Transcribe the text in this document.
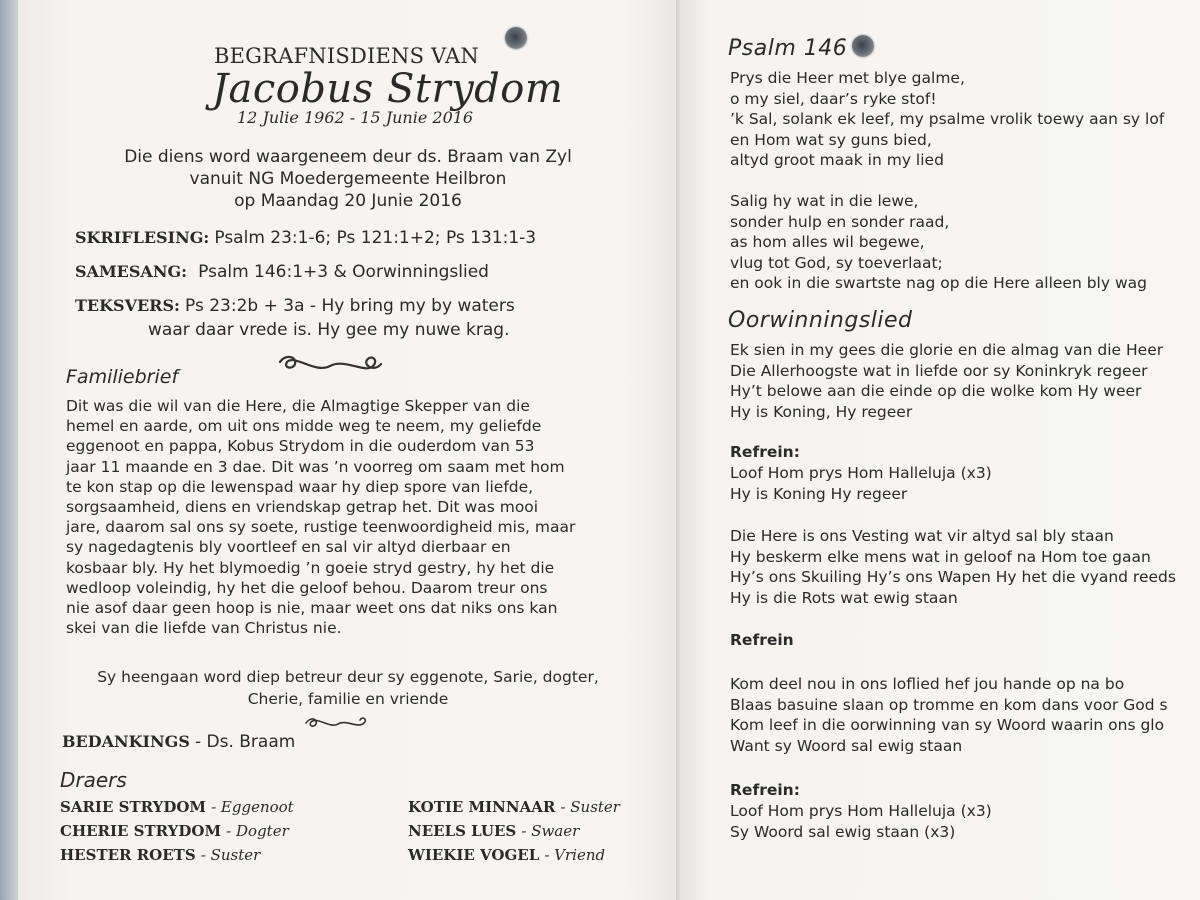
BEGRAFNISDIENS VAN
Jacobus Strydom
12 Julie 1962 - 15 Junie 2016
Die diens word waargeneem deur ds. Braam van Zyl
vanuit NG Moedergemeente Heilbron
op Maandag 20 Junie 2016
SKRIFLESING: Psalm 23:1-6; Ps 121:1+2; Ps 131:1-3
SAMESANG: Psalm 146:1+3 & Oorwinningslied
TEKSVERS: Ps 23:2b + 3a - Hy bring my by waters
waar daar vrede is. Hy gee my nuwe krag.
Familiebrief
Dit was die wil van die Here, die Almagtige Skepper van die
hemel en aarde, om uit ons midde weg te neem, my geliefde
eggenoot en pappa, Kobus Strydom in die ouderdom van 53
jaar 11 maande en 3 dae. Dit was ’n voorreg om saam met hom
te kon stap op die lewenspad waar hy diep spore van liefde,
sorgsaamheid, diens en vriendskap getrap het. Dit was mooi
jare, daarom sal ons sy soete, rustige teenwoordigheid mis, maar
sy nagedagtenis bly voortleef en sal vir altyd dierbaar en
kosbaar bly. Hy het blymoedig ’n goeie stryd gestry, hy het die
wedloop voleindig, hy het die geloof behou. Daarom treur ons
nie asof daar geen hoop is nie, maar weet ons dat niks ons kan
skei van die liefde van Christus nie.
Sy heengaan word diep betreur deur sy eggenote, Sarie, dogter,
Cherie, familie en vriende
BEDANKINGS - Ds. Braam
Draers
SARIE STRYDOM - Eggenoot
CHERIE STRYDOM - Dogter
HESTER ROETS - Suster
KOTIE MINNAAR - Suster
NEELS LUES - Swaer
WIEKIE VOGEL - Vriend
Psalm 146
Prys die Heer met blye galme,
o my siel, daar’s ryke stof!
’k Sal, solank ek leef, my psalme vrolik toewy aan sy lof
en Hom wat sy guns bied,
altyd groot maak in my lied
Salig hy wat in die lewe,
sonder hulp en sonder raad,
as hom alles wil begewe,
vlug tot God, sy toeverlaat;
en ook in die swartste nag op die Here alleen bly wag
Oorwinningslied
Ek sien in my gees die glorie en die almag van die Heer
Die Allerhoogste wat in liefde oor sy Koninkryk regeer
Hy’t belowe aan die einde op die wolke kom Hy weer
Hy is Koning, Hy regeer
Refrein:
Loof Hom prys Hom Halleluja (x3)
Hy is Koning Hy regeer
Die Here is ons Vesting wat vir altyd sal bly staan
Hy beskerm elke mens wat in geloof na Hom toe gaan
Hy’s ons Skuiling Hy’s ons Wapen Hy het die vyand reeds
Hy is die Rots wat ewig staan
Refrein
Kom deel nou in ons loflied hef jou hande op na bo
Blaas basuine slaan op tromme en kom dans voor God s
Kom leef in die oorwinning van sy Woord waarin ons glo
Want sy Woord sal ewig staan
Refrein:
Loof Hom prys Hom Halleluja (x3)
Sy Woord sal ewig staan (x3)
